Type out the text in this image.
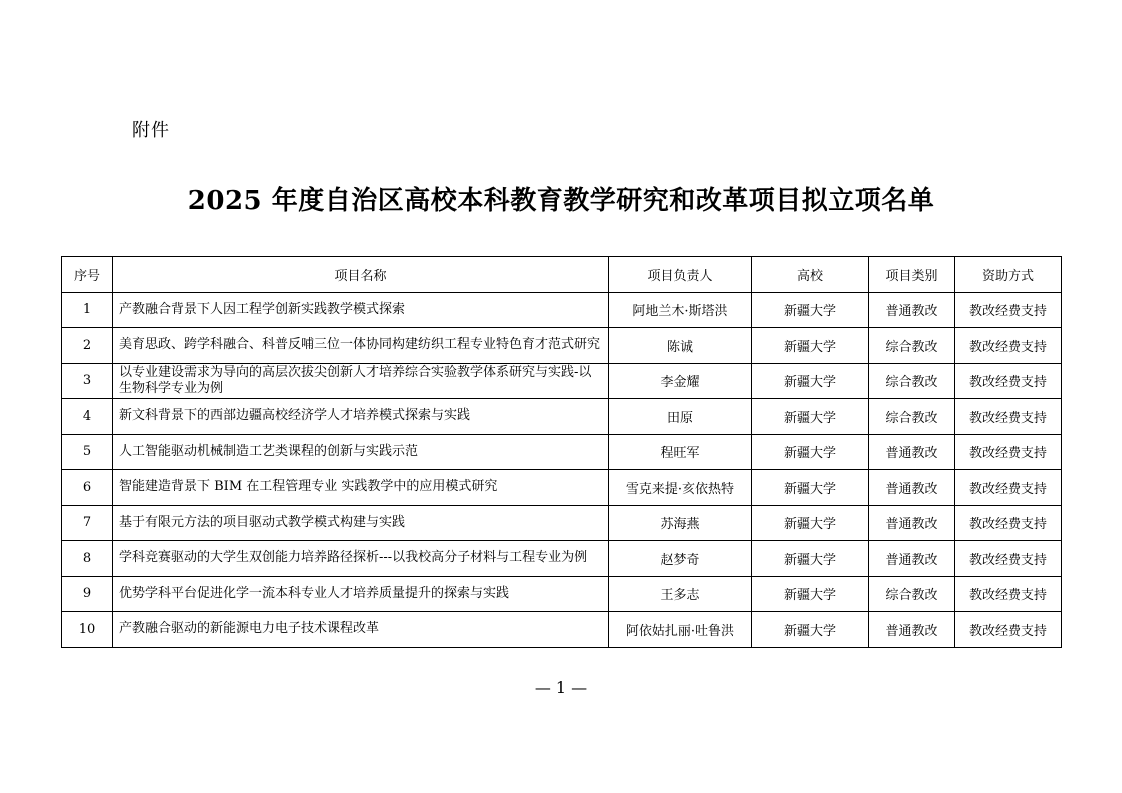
附件
2025 年度自治区高校本科教育教学研究和改革项目拟立项名单
序号	项目名称	项目负责人	高校	项目类别	资助方式
1	产教融合背景下人因工程学创新实践教学模式探索	阿地兰木·斯塔洪	新疆大学	普通教改	教改经费支持
2	美育思政、跨学科融合、科普反哺三位一体协同构建纺织工程专业特色育才范式研究	陈诚	新疆大学	综合教改	教改经费支持
3	以专业建设需求为导向的高层次拔尖创新人才培养综合实验教学体系研究与实践-以生物科学专业为例	李金耀	新疆大学	综合教改	教改经费支持
4	新文科背景下的西部边疆高校经济学人才培养模式探索与实践	田原	新疆大学	综合教改	教改经费支持
5	人工智能驱动机械制造工艺类课程的创新与实践示范	程旺军	新疆大学	普通教改	教改经费支持
6	智能建造背景下 BIM 在工程管理专业 实践教学中的应用模式研究	雪克来提·亥依热特	新疆大学	普通教改	教改经费支持
7	基于有限元方法的项目驱动式教学模式构建与实践	苏海燕	新疆大学	普通教改	教改经费支持
8	学科竞赛驱动的大学生双创能力培养路径探析---以我校高分子材料与工程专业为例	赵梦奇	新疆大学	普通教改	教改经费支持
9	优势学科平台促进化学一流本科专业人才培养质量提升的探索与实践	王多志	新疆大学	综合教改	教改经费支持
10	产教融合驱动的新能源电力电子技术课程改革	阿依姑扎丽·吐鲁洪	新疆大学	普通教改	教改经费支持
— 1 —
